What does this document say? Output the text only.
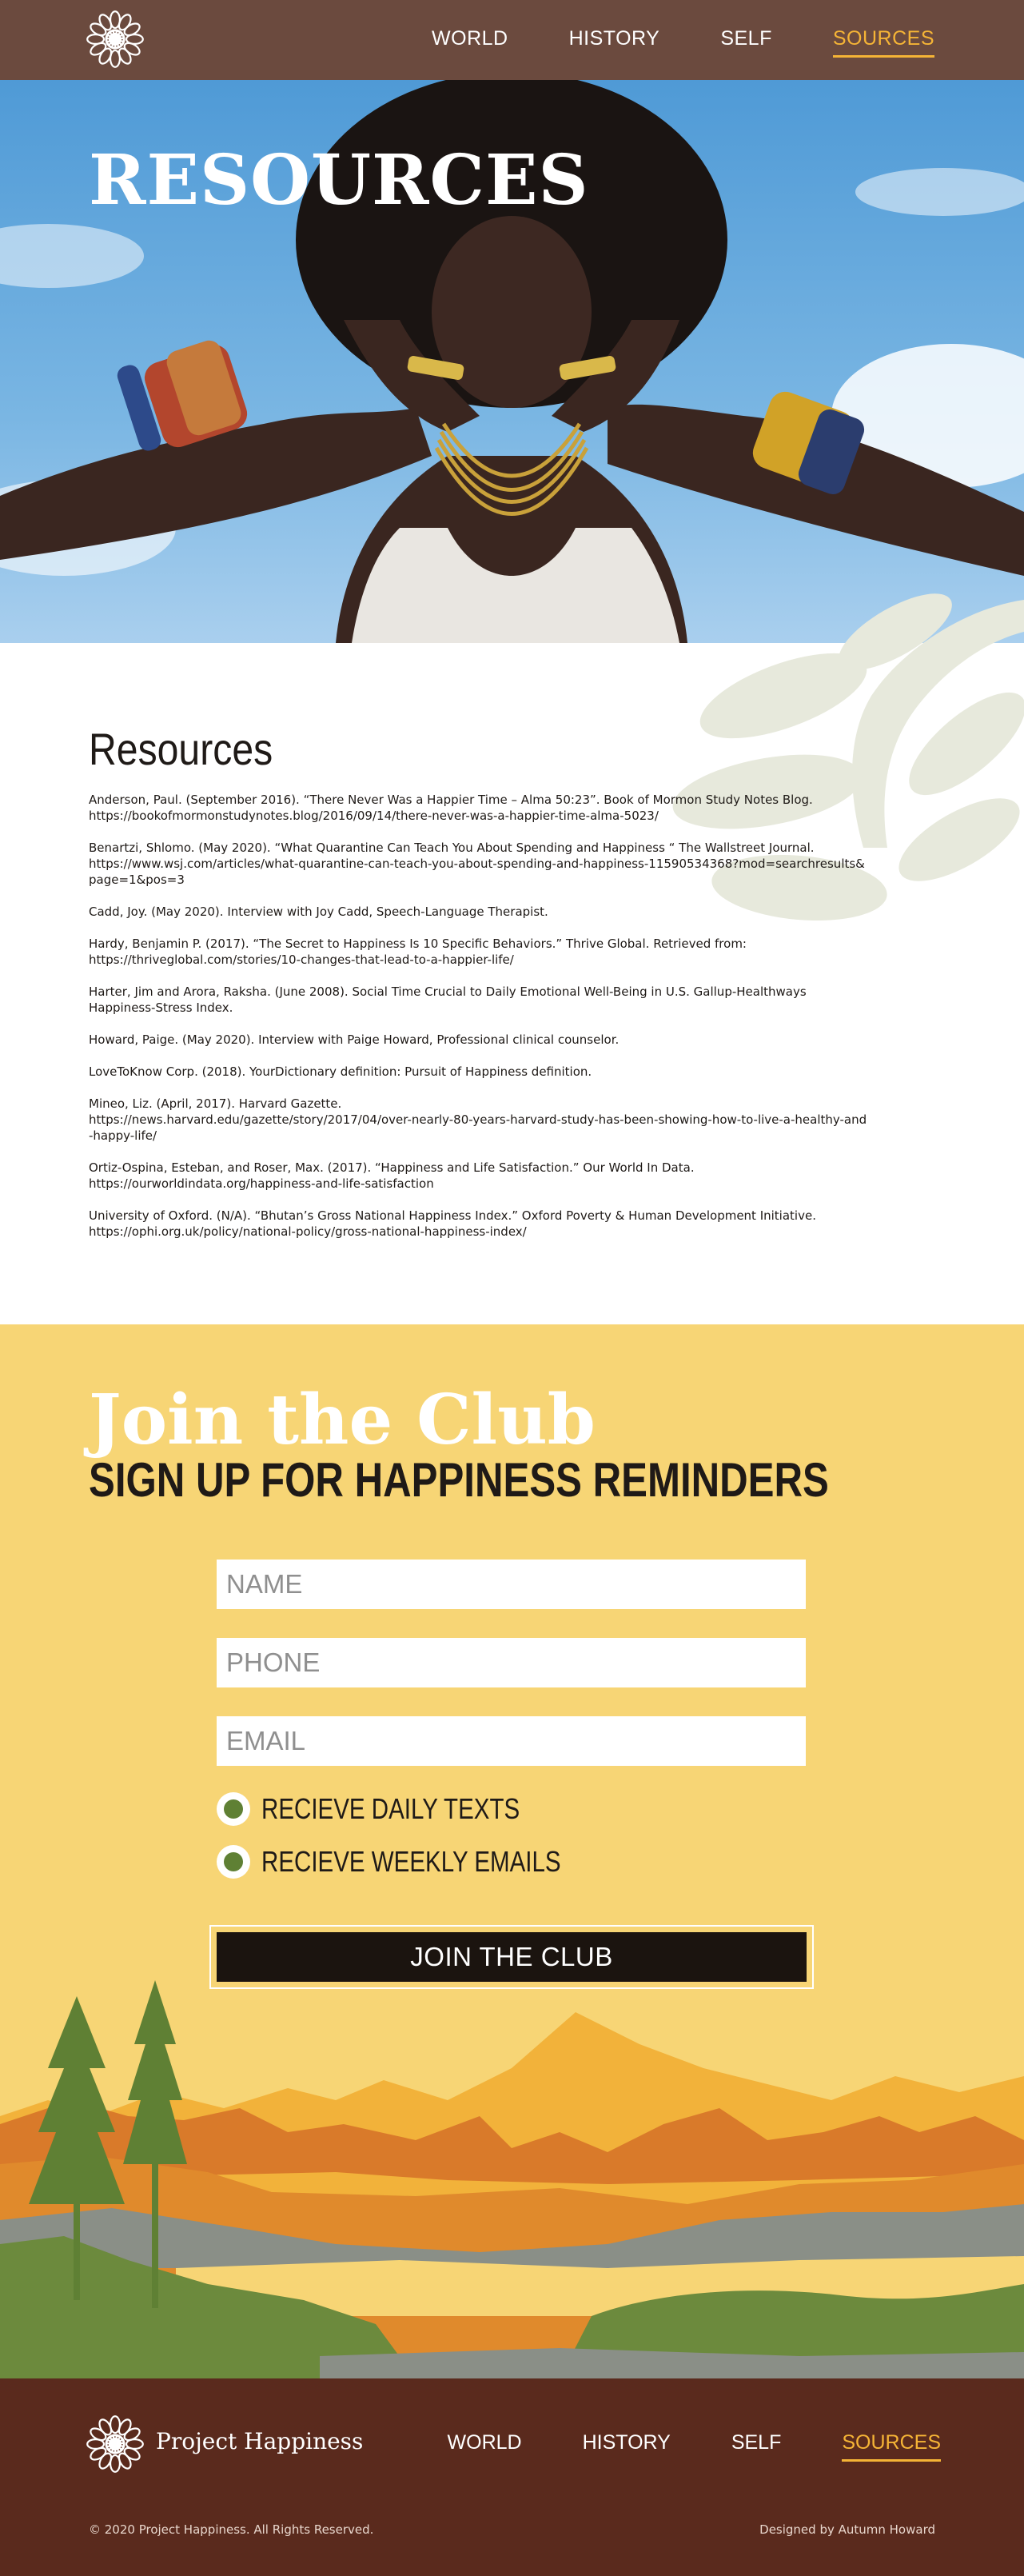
WORLD	HISTORY	SELF	SOURCES
RESOURCES
Resources

Anderson, Paul. (September 2016). “There Never Was a Happier Time – Alma 50:23”. Book of Mormon Study Notes Blog.
https://bookofmormonstudynotes.blog/2016/09/14/there-never-was-a-happier-time-alma-5023/

Benartzi, Shlomo. (May 2020). “What Quarantine Can Teach You About Spending and Happiness “ The Wallstreet Journal.
https://www.wsj.com/articles/what-quarantine-can-teach-you-about-spending-and-happiness-11590534368?mod=searchresults&
page=1&pos=3

Cadd, Joy. (May 2020). Interview with Joy Cadd, Speech-Language Therapist.

Hardy, Benjamin P. (2017). “The Secret to Happiness Is 10 Specific Behaviors.” Thrive Global. Retrieved from:
https://thriveglobal.com/stories/10-changes-that-lead-to-a-happier-life/

Harter, Jim and Arora, Raksha. (June 2008). Social Time Crucial to Daily Emotional Well-Being in U.S. Gallup-Healthways
Happiness-Stress Index.

Howard, Paige. (May 2020). Interview with Paige Howard, Professional clinical counselor.

LoveToKnow Corp. (2018). YourDictionary definition: Pursuit of Happiness definition.

Mineo, Liz. (April, 2017). Harvard Gazette.
https://news.harvard.edu/gazette/story/2017/04/over-nearly-80-years-harvard-study-has-been-showing-how-to-live-a-healthy-and
-happy-life/

Ortiz-Ospina, Esteban, and Roser, Max. (2017). “Happiness and Life Satisfaction.” Our World In Data.
https://ourworldindata.org/happiness-and-life-satisfaction

University of Oxford. (N/A). “Bhutan’s Gross National Happiness Index.” Oxford Poverty & Human Development Initiative.
https://ophi.org.uk/policy/national-policy/gross-national-happiness-index/

Join the Club
SIGN UP FOR HAPPINESS REMINDERS
NAME
PHONE
EMAIL
RECIEVE DAILY TEXTS
RECIEVE WEEKLY EMAILS
JOIN THE CLUB
Project Happiness	WORLD	HISTORY	SELF	SOURCES
© 2020 Project Happiness. All Rights Reserved.	Designed by Autumn Howard
